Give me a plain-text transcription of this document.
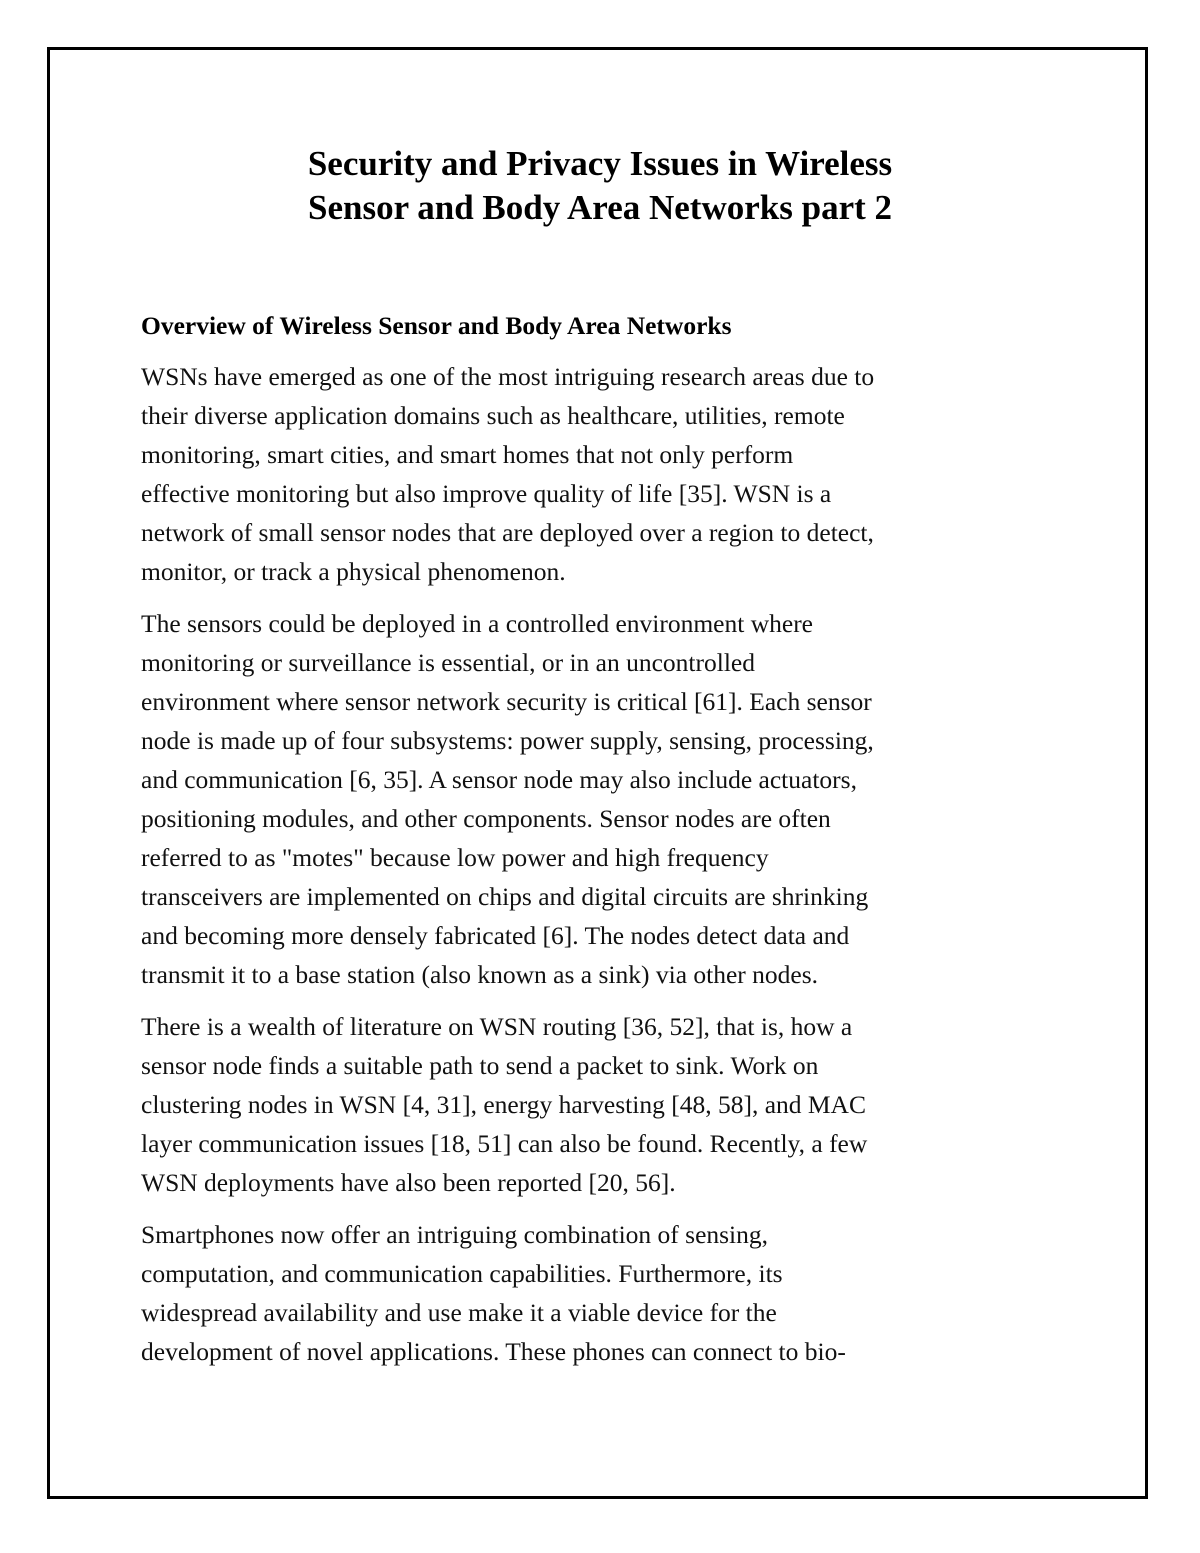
Security and Privacy Issues in Wireless
Sensor and Body Area Networks part 2
Overview of Wireless Sensor and Body Area Networks
WSNs have emerged as one of the most intriguing research areas due to
their diverse application domains such as healthcare, utilities, remote
monitoring, smart cities, and smart homes that not only perform
effective monitoring but also improve quality of life [35]. WSN is a
network of small sensor nodes that are deployed over a region to detect,
monitor, or track a physical phenomenon.
The sensors could be deployed in a controlled environment where
monitoring or surveillance is essential, or in an uncontrolled
environment where sensor network security is critical [61]. Each sensor
node is made up of four subsystems: power supply, sensing, processing,
and communication [6, 35]. A sensor node may also include actuators,
positioning modules, and other components. Sensor nodes are often
referred to as "motes" because low power and high frequency
transceivers are implemented on chips and digital circuits are shrinking
and becoming more densely fabricated [6]. The nodes detect data and
transmit it to a base station (also known as a sink) via other nodes.
There is a wealth of literature on WSN routing [36, 52], that is, how a
sensor node finds a suitable path to send a packet to sink. Work on
clustering nodes in WSN [4, 31], energy harvesting [48, 58], and MAC
layer communication issues [18, 51] can also be found. Recently, a few
WSN deployments have also been reported [20, 56].
Smartphones now offer an intriguing combination of sensing,
computation, and communication capabilities. Furthermore, its
widespread availability and use make it a viable device for the
development of novel applications. These phones can connect to bio-
